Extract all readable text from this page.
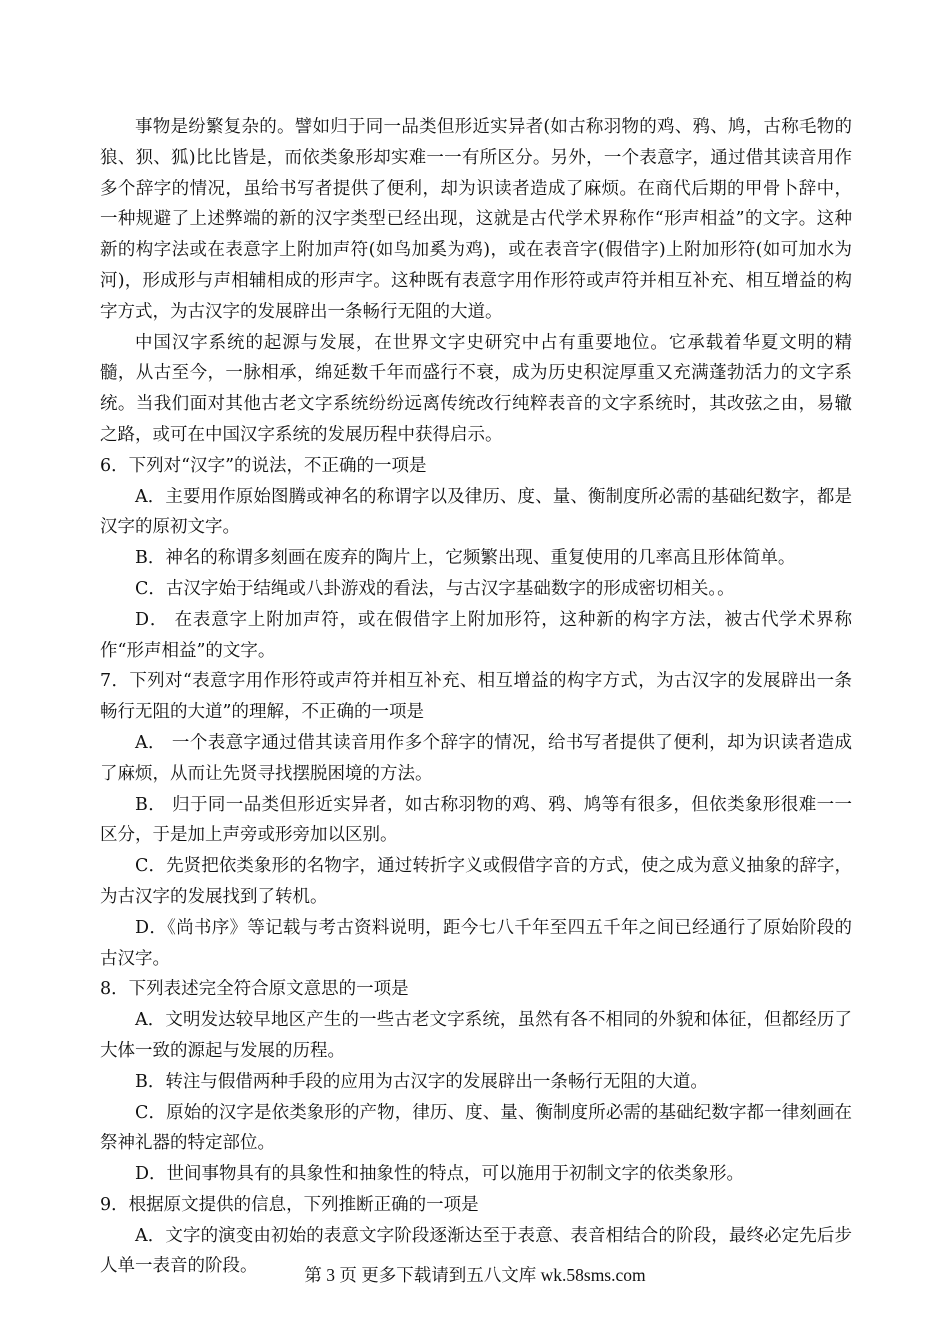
事物是纷繁复杂的。譬如归于同一品类但形近实异者(如古称羽物的鸡、鸦、鸠，古称毛物的狼、狈、狐)比比皆是，而依类象形却实难一一有所区分。另外，一个表意字，通过借其读音用作多个辞字的情况，虽给书写者提供了便利，却为识读者造成了麻烦。在商代后期的甲骨卜辞中，一种规避了上述弊端的新的汉字类型已经出现，这就是古代学术界称作“形声相益”的文字。这种新的构字法或在表意字上附加声符(如鸟加奚为鸡)，或在表音字(假借字)上附加形符(如可加水为河)，形成形与声相辅相成的形声字。这种既有表意字用作形符或声符并相互补充、相互增益的构字方式，为古汉字的发展辟出一条畅行无阻的大道。

中国汉字系统的起源与发展，在世界文字史研究中占有重要地位。它承载着华夏文明的精髓，从古至今，一脉相承，绵延数千年而盛行不衰，成为历史积淀厚重又充满蓬勃活力的文字系统。当我们面对其他古老文字系统纷纷远离传统改行纯粹表音的文字系统时，其改弦之由，易辙之路，或可在中国汉字系统的发展历程中获得启示。

6．下列对“汉字”的说法，不正确的一项是

A．主要用作原始图腾或神名的称谓字以及律历、度、量、衡制度所必需的基础纪数字，都是汉字的原初文字。

B．神名的称谓多刻画在废弃的陶片上，它频繁出现、重复使用的几率高且形体简单。

C．古汉字始于结绳或八卦游戏的看法，与古汉字基础数字的形成密切相关。。

D． 在表意字上附加声符，或在假借字上附加形符，这种新的构字方法，被古代学术界称作“形声相益”的文字。

7．下列对“表意字用作形符或声符并相互补充、相互增益的构字方式，为古汉字的发展辟出一条畅行无阻的大道”的理解，不正确的一项是

A． 一个表意字通过借其读音用作多个辞字的情况，给书写者提供了便利，却为识读者造成了麻烦，从而让先贤寻找摆脱困境的方法。

B． 归于同一品类但形近实异者，如古称羽物的鸡、鸦、鸠等有很多，但依类象形很难一一区分，于是加上声旁或形旁加以区别。

C．先贤把依类象形的名物字，通过转折字义或假借字音的方式，使之成为意义抽象的辞字，为古汉字的发展找到了转机。

D．《尚书序》等记载与考古资料说明，距今七八千年至四五千年之间已经通行了原始阶段的古汉字。

8．下列表述完全符合原文意思的一项是

A．文明发达较早地区产生的一些古老文字系统，虽然有各不相同的外貌和体征，但都经历了大体一致的源起与发展的历程。

B．转注与假借两种手段的应用为古汉字的发展辟出一条畅行无阻的大道。

C．原始的汉字是依类象形的产物，律历、度、量、衡制度所必需的基础纪数字都一律刻画在祭神礼器的特定部位。

D．世间事物具有的具象性和抽象性的特点，可以施用于初制文字的依类象形。

9．根据原文提供的信息，下列推断正确的一项是

A．文字的演变由初始的表意文字阶段逐渐达至于表意、表音相结合的阶段，最终必定先后步人单一表音的阶段。	第 3 页 更多下载请到五八文库 wk.58sms.com
